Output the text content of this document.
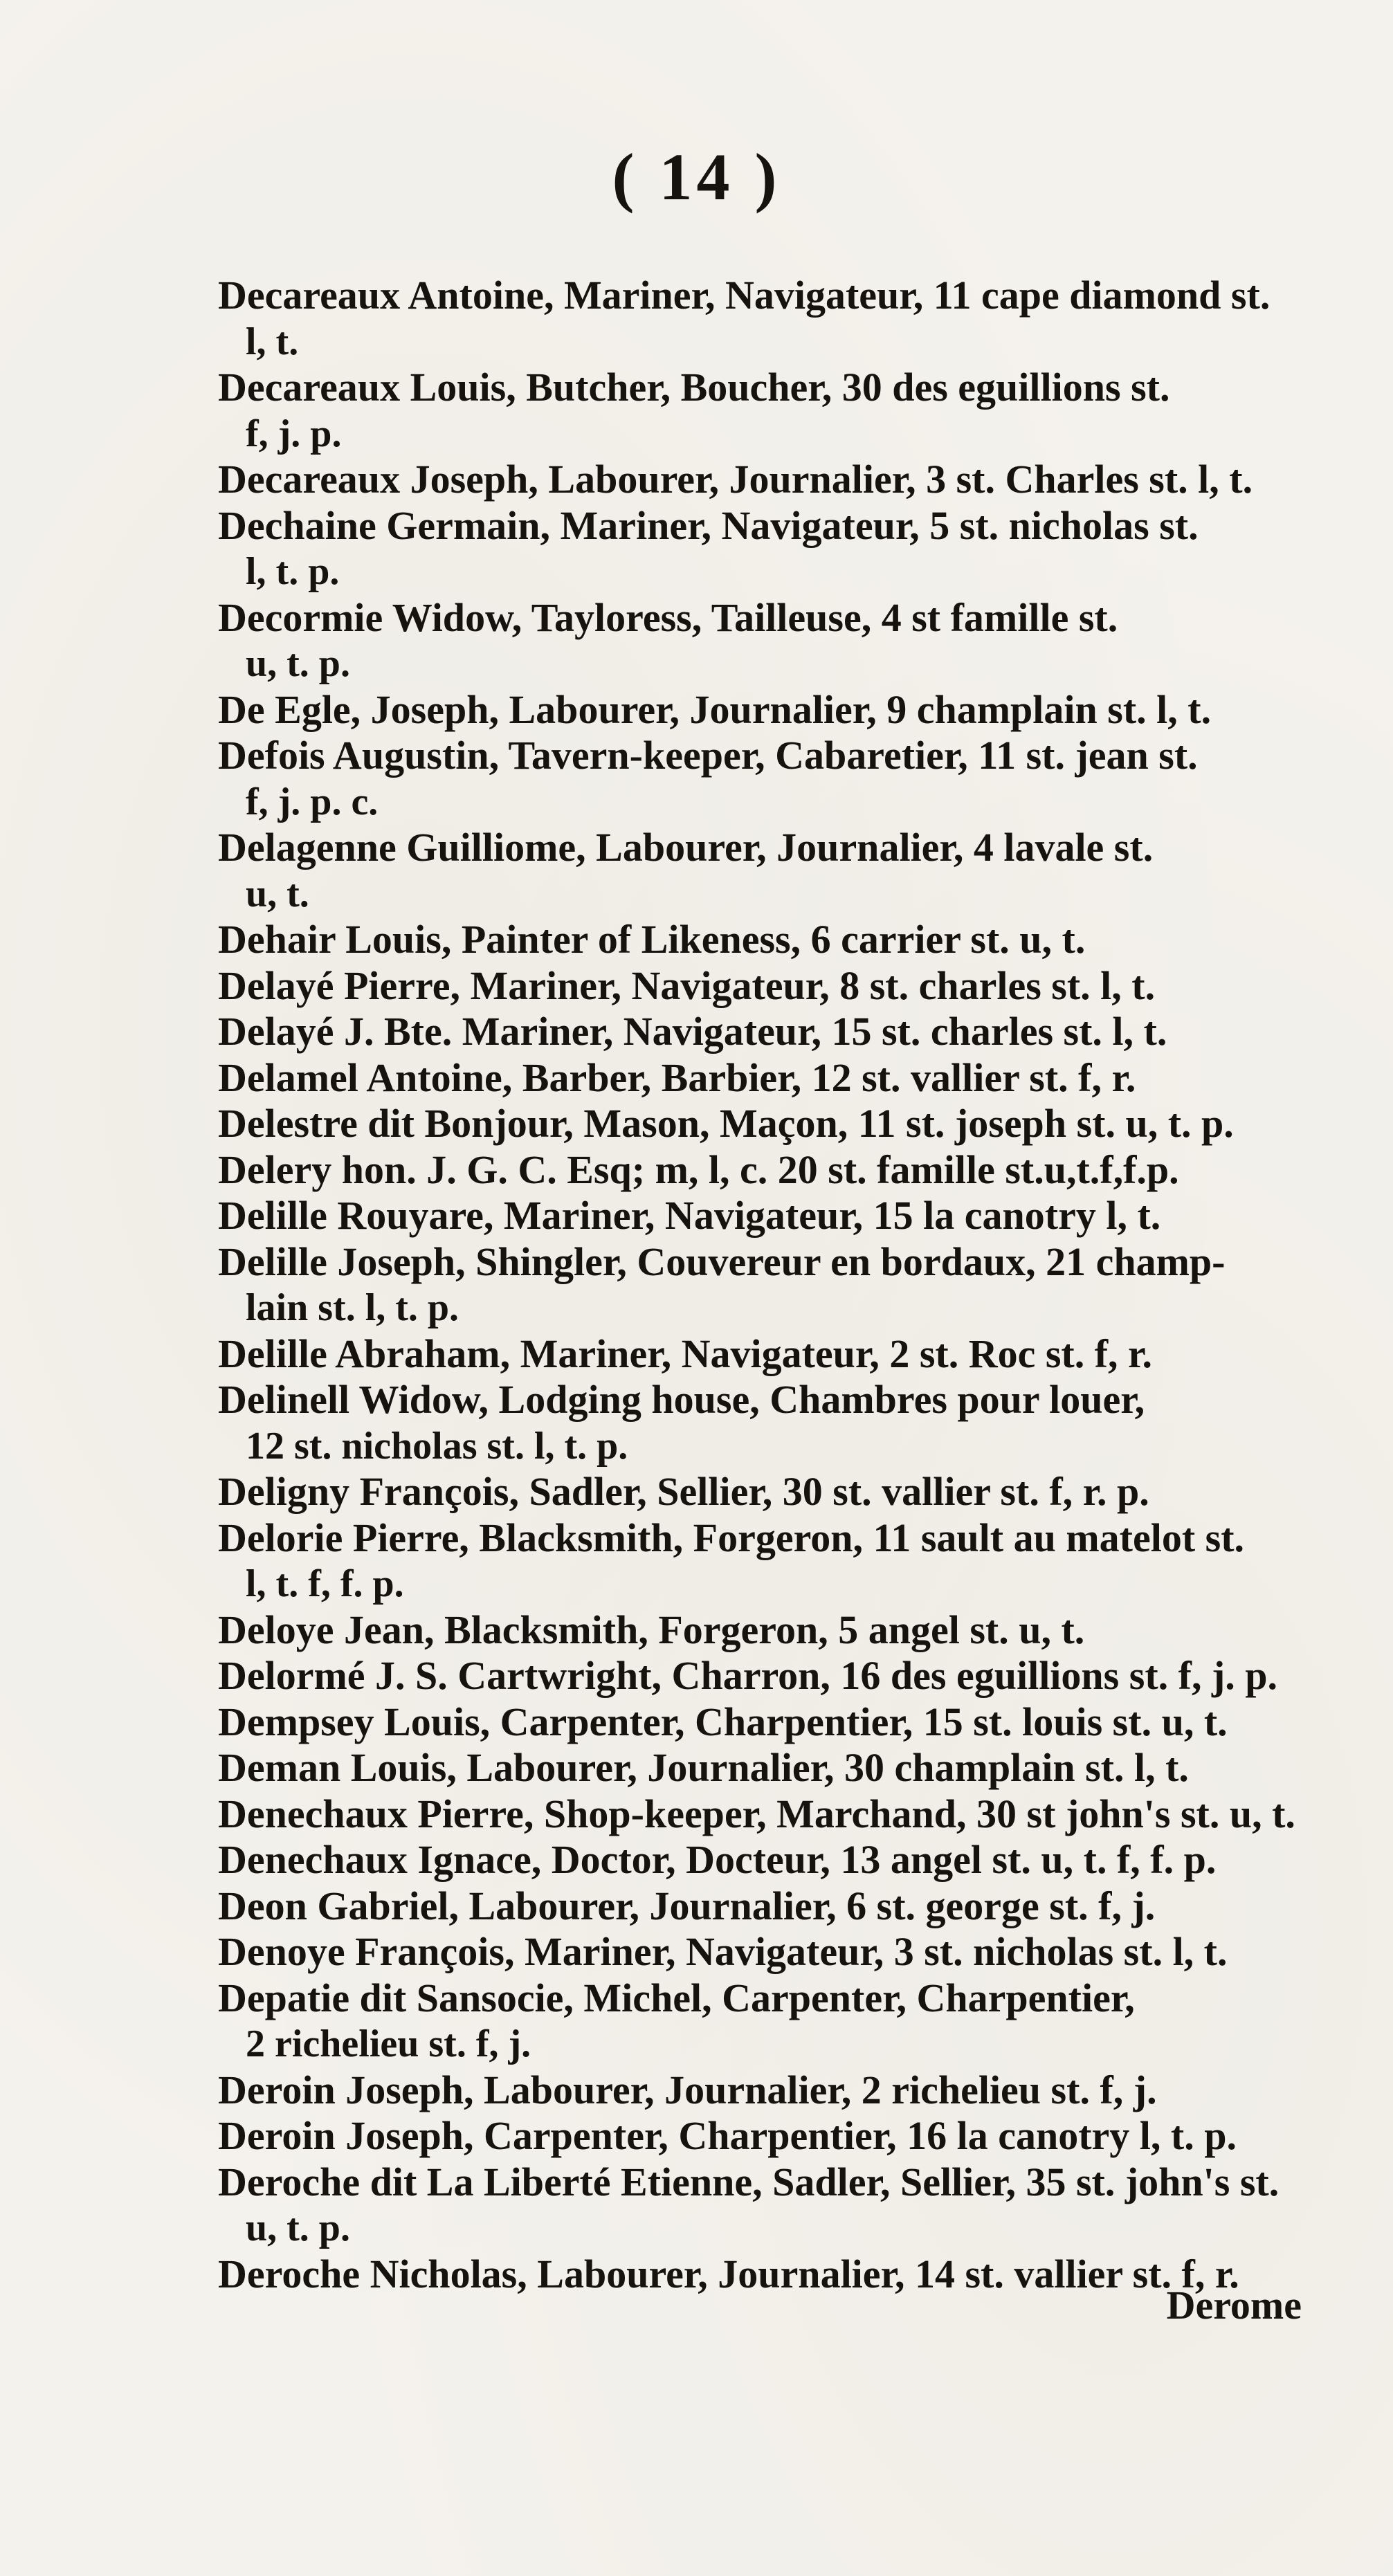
( 14 )
Decareaux Antoine, Mariner, Navigateur, 11 cape diamond st.
l, t.
Decareaux Louis, Butcher, Boucher, 30 des eguillions st.
f, j. p.
Decareaux Joseph, Labourer, Journalier, 3 st. Charles st. l, t.
Dechaine Germain, Mariner, Navigateur, 5 st. nicholas st.
l, t. p.
Decormie Widow, Tayloress, Tailleuse, 4 st famille st.
u, t. p.
De Egle, Joseph, Labourer, Journalier, 9 champlain st. l, t.
Defois Augustin, Tavern-keeper, Cabaretier, 11 st. jean st.
f, j. p. c.
Delagenne Guilliome, Labourer, Journalier, 4 lavale st.
u, t.
Dehair Louis, Painter of Likeness, 6 carrier st. u, t.
Delayé Pierre, Mariner, Navigateur, 8 st. charles st. l, t.
Delayé J. Bte. Mariner, Navigateur, 15 st. charles st. l, t.
Delamel Antoine, Barber, Barbier, 12 st. vallier st. f, r.
Delestre dit Bonjour, Mason, Maçon, 11 st. joseph st. u, t. p.
Delery hon. J. G. C. Esq; m, l, c. 20 st. famille st.u,t.f,f.p.
Delille Rouyare, Mariner, Navigateur, 15 la canotry l, t.
Delille Joseph, Shingler, Couvereur en bordaux, 21 champ-
lain st. l, t. p.
Delille Abraham, Mariner, Navigateur, 2 st. Roc st. f, r.
Delinell Widow, Lodging house, Chambres pour louer,
12 st. nicholas st. l, t. p.
Deligny François, Sadler, Sellier, 30 st. vallier st. f, r. p.
Delorie Pierre, Blacksmith, Forgeron, 11 sault au matelot st.
l, t. f, f. p.
Deloye Jean, Blacksmith, Forgeron, 5 angel st. u, t.
Delormé J. S. Cartwright, Charron, 16 des eguillions st. f, j. p.
Dempsey Louis, Carpenter, Charpentier, 15 st. louis st. u, t.
Deman Louis, Labourer, Journalier, 30 champlain st. l, t.
Denechaux Pierre, Shop-keeper, Marchand, 30 st john's st. u, t.
Denechaux Ignace, Doctor, Docteur, 13 angel st. u, t. f, f. p.
Deon Gabriel, Labourer, Journalier, 6 st. george st. f, j.
Denoye François, Mariner, Navigateur, 3 st. nicholas st. l, t.
Depatie dit Sansocie, Michel, Carpenter, Charpentier,
2 richelieu st. f, j.
Deroin Joseph, Labourer, Journalier, 2 richelieu st. f, j.
Deroin Joseph, Carpenter, Charpentier, 16 la canotry l, t. p.
Deroche dit La Liberté Etienne, Sadler, Sellier, 35 st. john's st.
u, t. p.
Deroche Nicholas, Labourer, Journalier, 14 st. vallier st. f, r.
Derome
